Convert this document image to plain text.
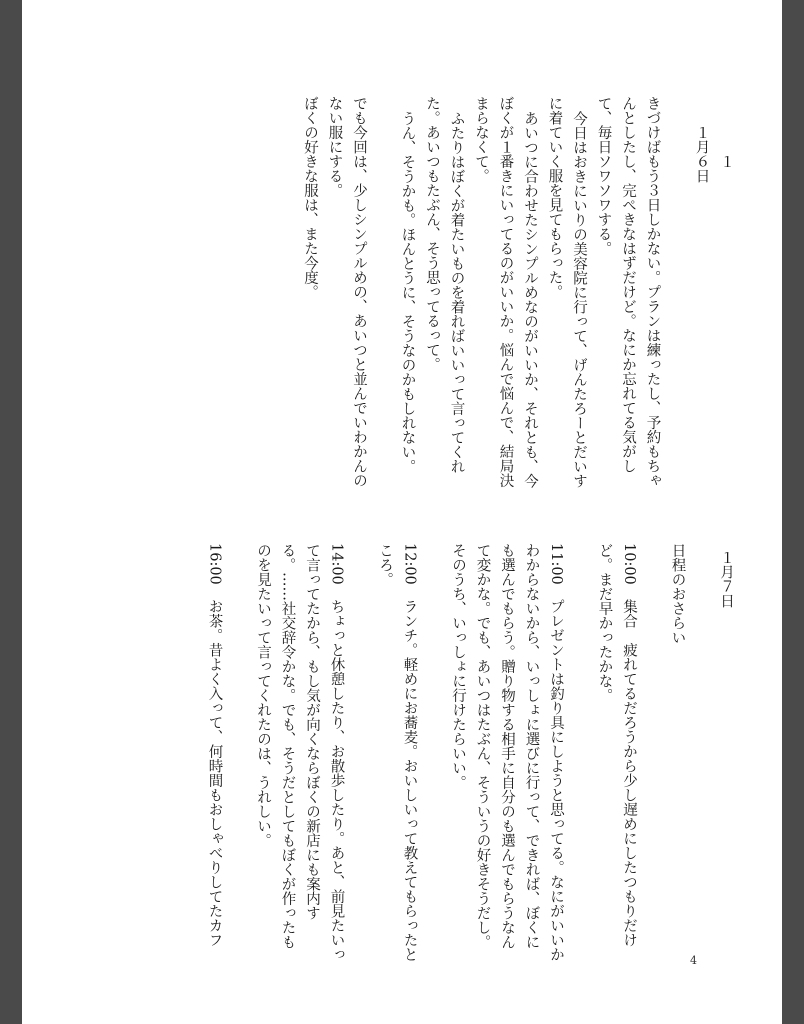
１

１月６日

きづけばもう３日しかない。プランは練ったし、予約もちゃんとしたし、完ぺきなはずだけど。なにか忘れてる気がして、毎日ソワソワする。

今日はおきにいりの美容院に行って、げんたろーとだいすに着ていく服を見てもらった。

あいつに合わせたシンプルめなのがいいか、それとも、今ぼくが１番きにいってるのがいいか。悩んで悩んで、結局決まらなくて。

ふたりはぼくが着たいものを着ればいいって言ってくれた。あいつもたぶん、そう思ってるって。

うん、そうかも。ほんとうに、そうなのかもしれない。

でも今回は、少しシンプルめの、あいつと並んでいわかんのない服にする。

ぼくの好きな服は、また今度。

１月７日

日程のおさらい

10:00　集合　疲れてるだろうから少し遅めにしたつもりだけど。まだ早かったかな。

11:00　プレゼントは釣り具にしようと思ってる。なにがいいかわからないから、いっしょに選びに行って、できれば、ぼくにも選んでもらう。贈り物する相手に自分のも選んでもらうなんて変かな。でも、あいつはたぶん、そういうの好きそうだし。そのうち、いっしょに行けたらいい。

12:00　ランチ。軽めにお蕎麦。おいしいって教えてもらったところ。

14:00　ちょっと休憩したり、お散歩したり。あと、前見たいって言ってたから、もし気が向くならぼくの新店にも案内する。……社交辞令かな。でも、そうだとしてもぼくが作ったものを見たいって言ってくれたのは、うれしい。

16:00　お茶。昔よく入って、何時間もおしゃべりしてたカフ

4
